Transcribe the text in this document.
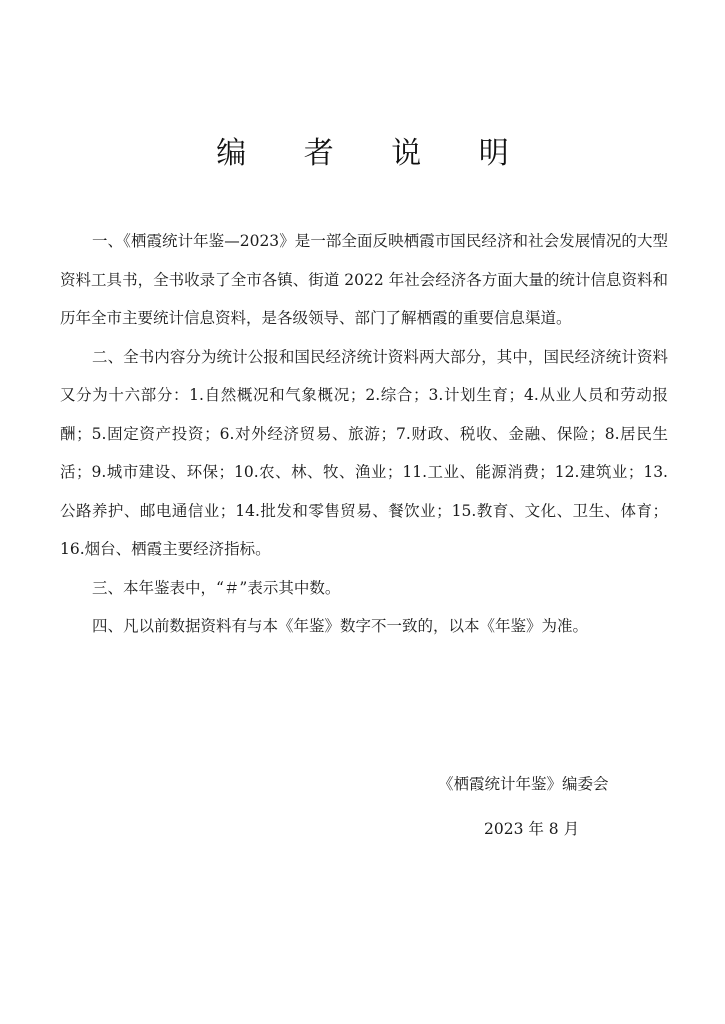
编 者 说 明

一、《栖霞统计年鉴—2023》是一部全面反映栖霞市国民经济和社会发展情况的大型资料工具书，全书收录了全市各镇、街道 2022 年社会经济各方面大量的统计信息资料和历年全市主要统计信息资料，是各级领导、部门了解栖霞的重要信息渠道。

二、全书内容分为统计公报和国民经济统计资料两大部分，其中，国民经济统计资料又分为十六部分：1.自然概况和气象概况；2.综合；3.计划生育；4.从业人员和劳动报酬；5.固定资产投资；6.对外经济贸易、旅游；7.财政、税收、金融、保险；8.居民生活；9.城市建设、环保；10.农、林、牧、渔业；11.工业、能源消费；12.建筑业；13.公路养护、邮电通信业；14.批发和零售贸易、餐饮业；15.教育、文化、卫生、体育；16.烟台、栖霞主要经济指标。

三、本年鉴表中，“＃”表示其中数。

四、凡以前数据资料有与本《年鉴》数字不一致的，以本《年鉴》为准。

《栖霞统计年鉴》编委会
2023 年 8 月
